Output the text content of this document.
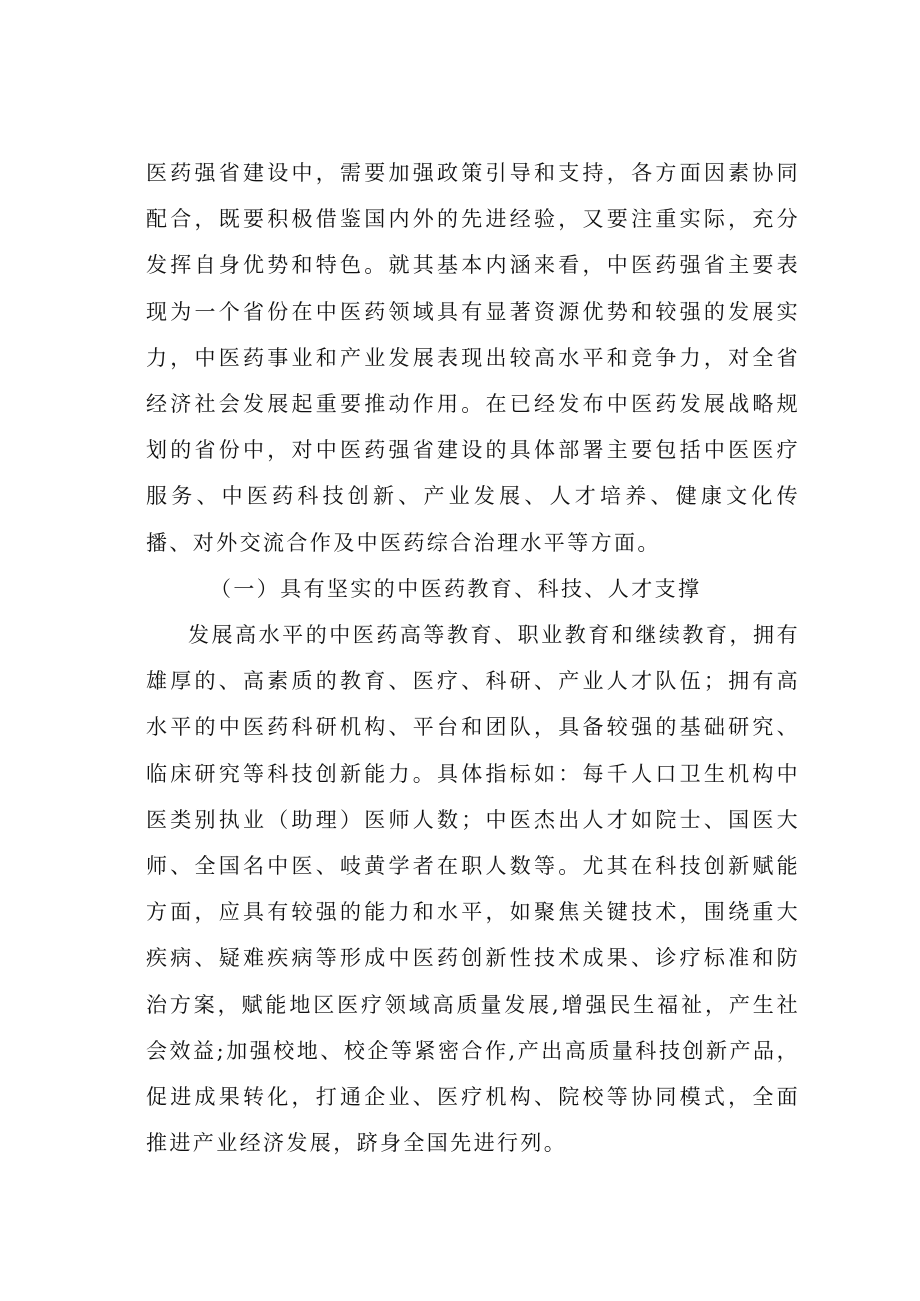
医药强省建设中，需要加强政策引导和支持，各方面因素协同配合，既要积极借鉴国内外的先进经验，又要注重实际，充分发挥自身优势和特色。就其基本内涵来看，中医药强省主要表现为一个省份在中医药领域具有显著资源优势和较强的发展实力，中医药事业和产业发展表现出较高水平和竞争力，对全省经济社会发展起重要推动作用。在已经发布中医药发展战略规划的省份中，对中医药强省建设的具体部署主要包括中医医疗服务、中医药科技创新、产业发展、人才培养、健康文化传播、对外交流合作及中医药综合治理水平等方面。

（一）具有坚实的中医药教育、科技、人才支撑

发展高水平的中医药高等教育、职业教育和继续教育，拥有雄厚的、高素质的教育、医疗、科研、产业人才队伍；拥有高水平的中医药科研机构、平台和团队，具备较强的基础研究、临床研究等科技创新能力。具体指标如：每千人口卫生机构中医类别执业（助理）医师人数；中医杰出人才如院士、国医大师、全国名中医、岐黄学者在职人数等。尤其在科技创新赋能方面，应具有较强的能力和水平，如聚焦关键技术，围绕重大疾病、疑难疾病等形成中医药创新性技术成果、诊疗标准和防治方案，赋能地区医疗领域高质量发展,增强民生福祉，产生社会效益;加强校地、校企等紧密合作,产出高质量科技创新产品，促进成果转化，打通企业、医疗机构、院校等协同模式，全面推进产业经济发展，跻身全国先进行列。
